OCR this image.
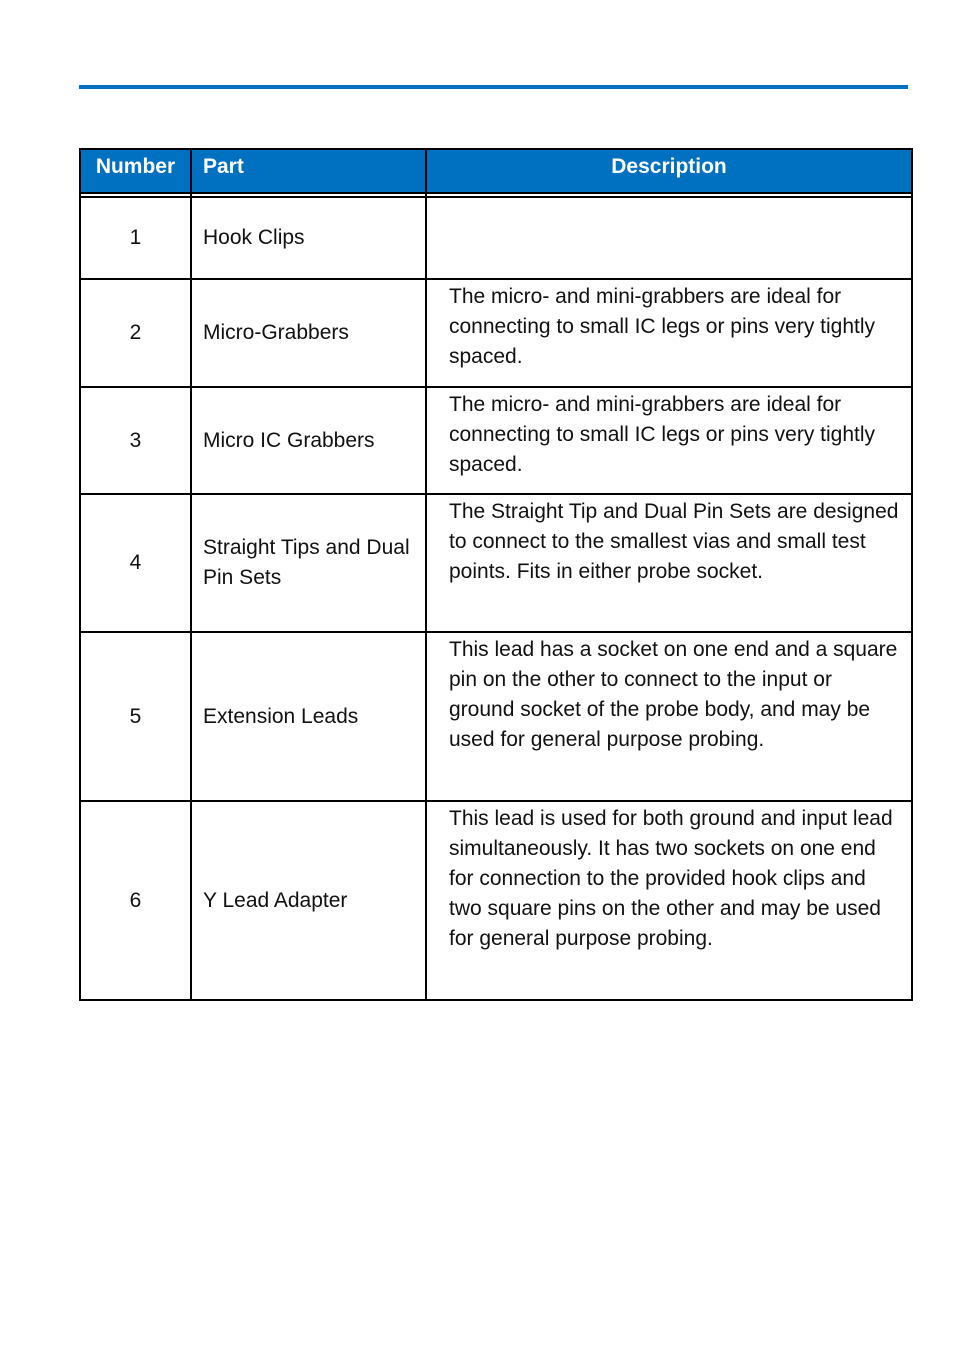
Number	Part	Description

1	Hook Clips	
2	Micro-Grabbers	The micro- and mini-grabbers are ideal for connecting to small IC legs or pins very tightly spaced.
3	Micro IC Grabbers	The micro- and mini-grabbers are ideal for connecting to small IC legs or pins very tightly spaced.
4	Straight Tips and Dual Pin Sets	The Straight Tip and Dual Pin Sets are designed to connect to the smallest vias and small test points. Fits in either probe socket.
5	Extension Leads	This lead has a socket on one end and a square pin on the other to connect to the input or ground socket of the probe body, and may be used for general purpose probing.
6	Y Lead Adapter	This lead is used for both ground and input lead simultaneously. It has two sockets on one end for connection to the provided hook clips and two square pins on the other and may be used for general purpose probing.
